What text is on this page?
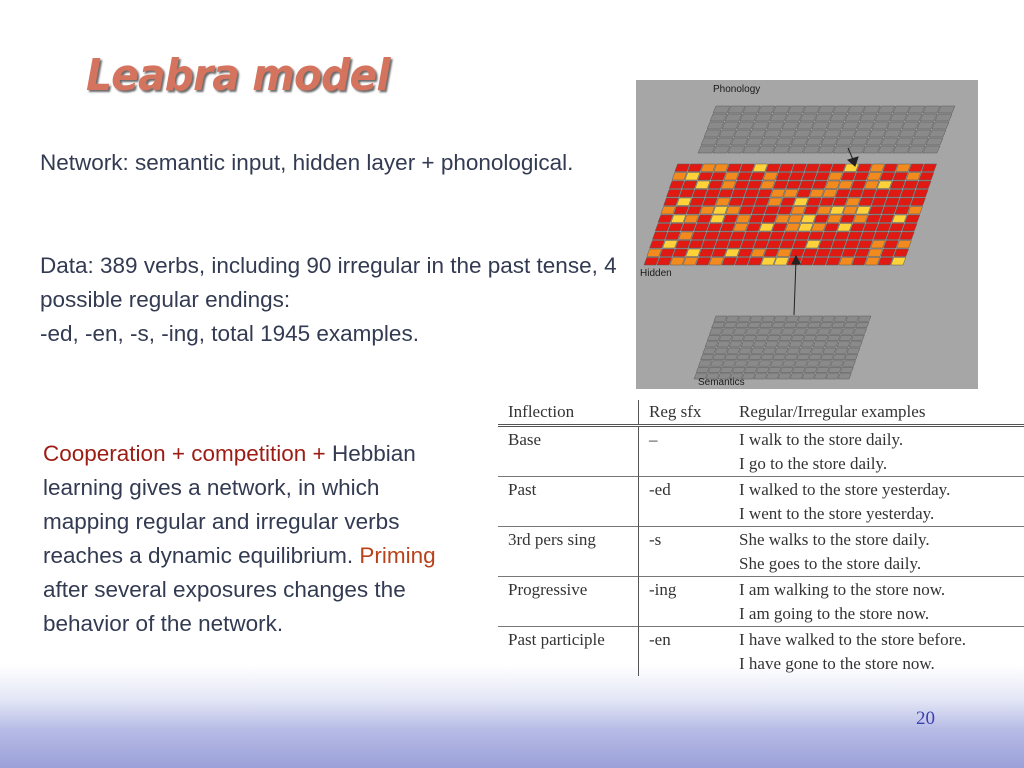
Leabra model
Network: semantic input, hidden layer + phonological.
Data: 389 verbs, including 90 irregular in the past tense, 4 possible regular endings:
-ed, -en, -s, -ing, total 1945 examples.
Cooperation + competition + Hebbian learning gives a network, in which mapping regular and irregular verbs reaches a dynamic equilibrium. Priming after several exposures changes the behavior of the network.
Phonology
Hidden
Semantics
Inflection	Reg sfx	Regular/Irregular examples
Base	–	I walk to the store daily.
I go to the store daily.

Past	-ed	I walked to the store yesterday.
I went to the store yesterday.

3rd pers sing	-s	She walks to the store daily.
She goes to the store daily.

Progressive	-ing	I am walking to the store now.
I am going to the store now.

Past participle	-en	I have walked to the store before.
I have gone to the store now.
20
